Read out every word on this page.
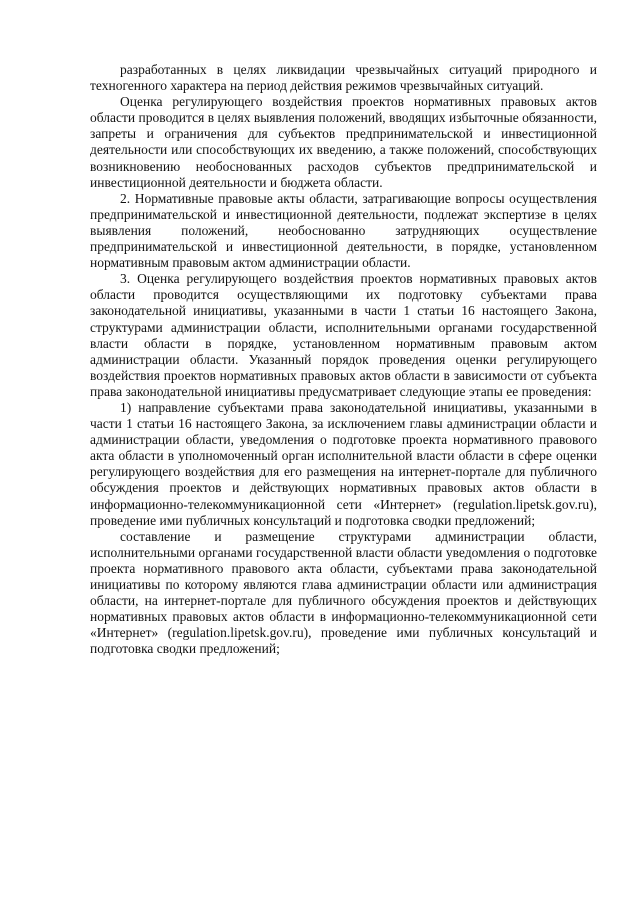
разработанных в целях ликвидации чрезвычайных ситуаций природного и техногенного характера на период действия режимов чрезвычайных ситуаций.

Оценка регулирующего воздействия проектов нормативных правовых актов области проводится в целях выявления положений, вводящих избыточные обязанности, запреты и ограничения для субъектов предпринимательской и инвестиционной деятельности или способствующих их введению, а также положений, способствующих возникновению необоснованных расходов субъектов предпринимательской и инвестиционной деятельности и бюджета области.

2. Нормативные правовые акты области, затрагивающие вопросы осуществления предпринимательской и инвестиционной деятельности, подлежат экспертизе в целях выявления положений, необоснованно затрудняющих осуществление предпринимательской и инвестиционной деятельности, в порядке, установленном нормативным правовым актом администрации области.

3. Оценка регулирующего воздействия проектов нормативных правовых актов области проводится осуществляющими их подготовку субъектами права законодательной инициативы, указанными в части 1 статьи 16 настоящего Закона, структурами администрации области, исполнительными органами государственной власти области в порядке, установленном нормативным правовым актом администрации области. Указанный порядок проведения оценки регулирующего воздействия проектов нормативных правовых актов области в зависимости от субъекта права законодательной инициативы предусматривает следующие этапы ее проведения:

1) направление субъектами права законодательной инициативы, указанными в части 1 статьи 16 настоящего Закона, за исключением главы администрации области и администрации области, уведомления о подготовке проекта нормативного правового акта области в уполномоченный орган исполнительной власти области в сфере оценки регулирующего воздействия для его размещения на интернет-портале для публичного обсуждения проектов и действующих нормативных правовых актов области в информационно-телекоммуникационной сети «Интернет» (regulation.lipetsk.gov.ru), проведение ими публичных консультаций и подготовка сводки предложений;

составление и размещение структурами администрации области, исполнительными органами государственной власти области уведомления о подготовке проекта нормативного правового акта области, субъектами права законодательной инициативы по которому являются глава администрации области или администрация области, на интернет-портале для публичного обсуждения проектов и действующих нормативных правовых актов области в информационно-телекоммуникационной сети «Интернет» (regulation.lipetsk.gov.ru), проведение ими публичных консультаций и подготовка сводки предложений;
